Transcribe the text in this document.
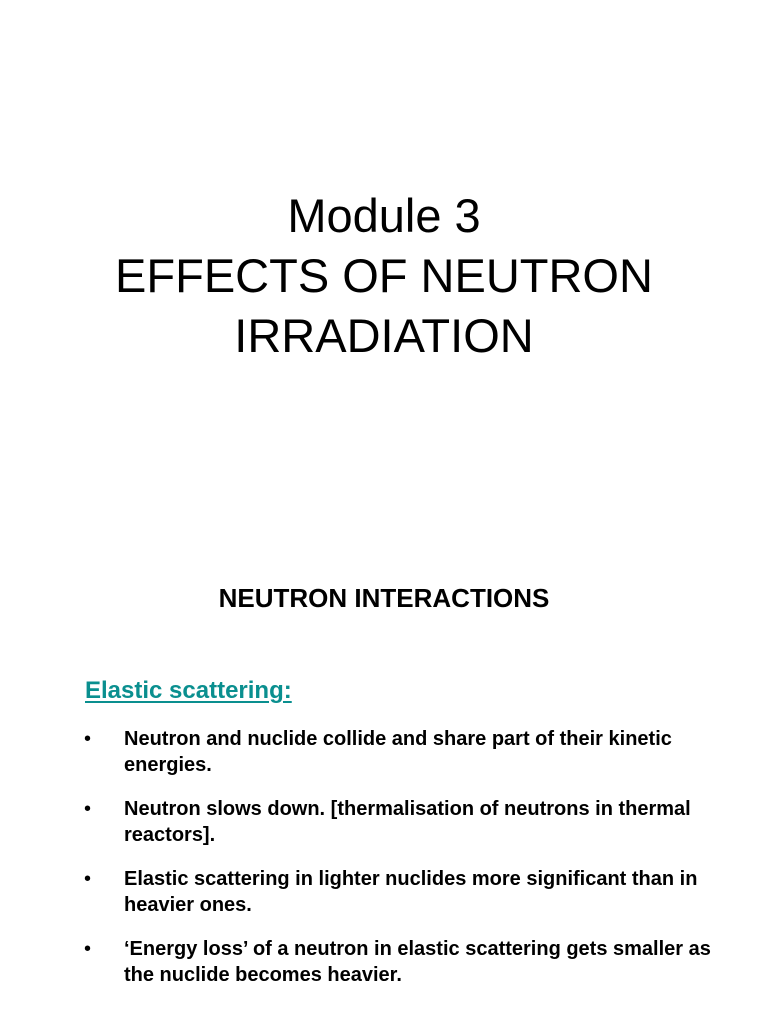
Module 3
EFFECTS OF NEUTRON
IRRADIATION
NEUTRON INTERACTIONS
Elastic scattering:
• Neutron and nuclide collide and share part of their kinetic energies.
• Neutron slows down. [thermalisation of neutrons in thermal reactors].
• Elastic scattering in lighter nuclides more significant than in heavier ones.
• ‘Energy loss’ of a neutron in elastic scattering gets smaller as the nuclide becomes heavier.
